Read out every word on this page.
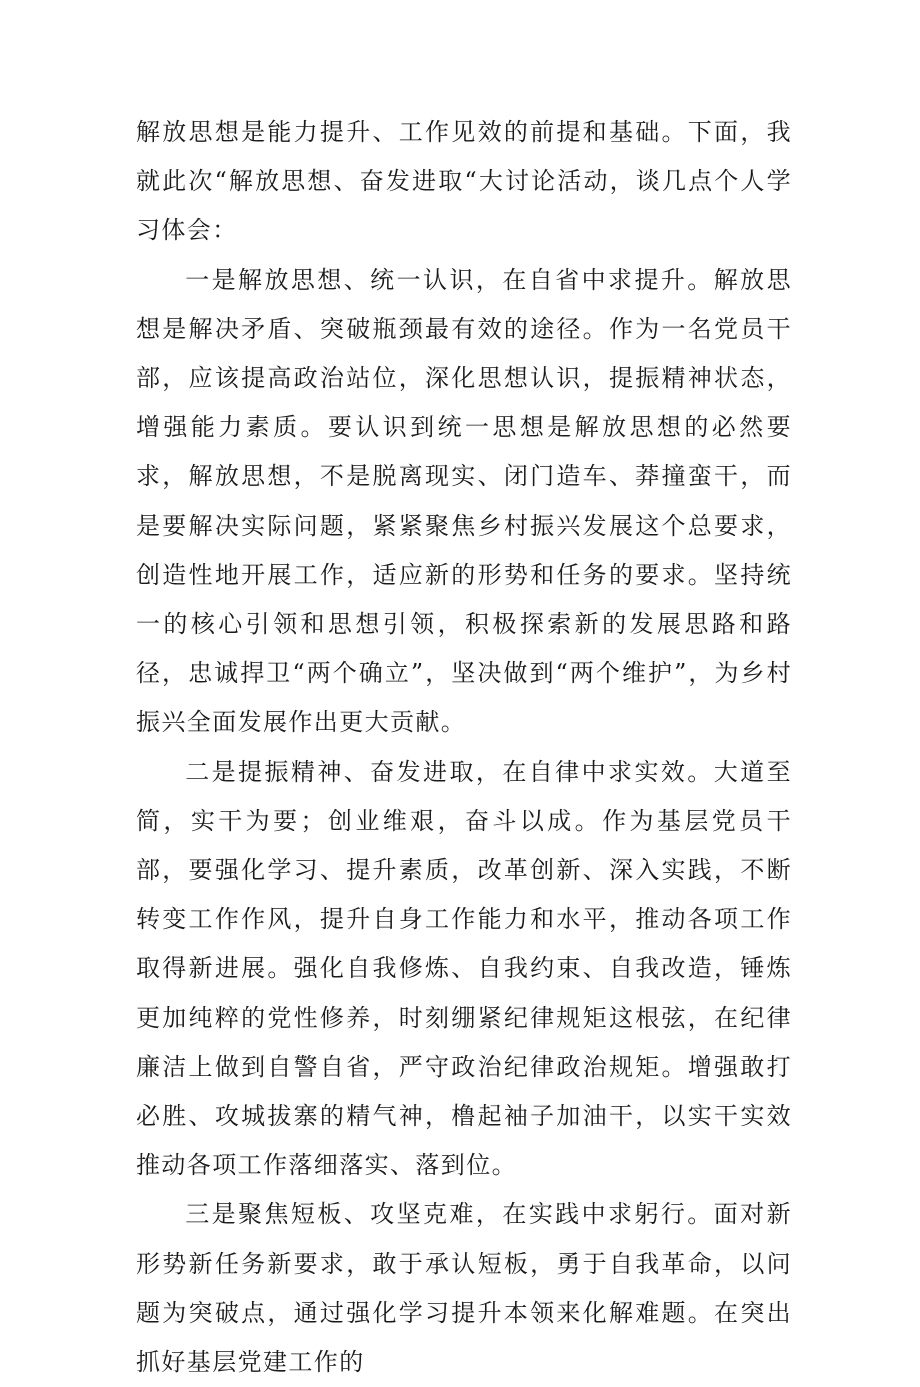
解放思想是能力提升、工作见效的前提和基础。下面，我就此次“解放思想、奋发进取“大讨论活动，谈几点个人学习体会：

一是解放思想、统一认识，在自省中求提升。解放思想是解决矛盾、突破瓶颈最有效的途径。作为一名党员干部，应该提高政治站位，深化思想认识，提振精神状态，增强能力素质。要认识到统一思想是解放思想的必然要求，解放思想，不是脱离现实、闭门造车、莽撞蛮干，而是要解决实际问题，紧紧聚焦乡村振兴发展这个总要求，创造性地开展工作，适应新的形势和任务的要求。坚持统一的核心引领和思想引领，积极探索新的发展思路和路径，忠诚捍卫“两个确立”，坚决做到“两个维护”，为乡村振兴全面发展作出更大贡献。

二是提振精神、奋发进取，在自律中求实效。大道至简，实干为要；创业维艰，奋斗以成。作为基层党员干部，要强化学习、提升素质，改革创新、深入实践，不断转变工作作风，提升自身工作能力和水平，推动各项工作取得新进展。强化自我修炼、自我约束、自我改造，锤炼更加纯粹的党性修养，时刻绷紧纪律规矩这根弦，在纪律廉洁上做到自警自省，严守政治纪律政治规矩。增强敢打必胜、攻城拔寨的精气神，橹起袖子加油干，以实干实效推动各项工作落细落实、落到位。

三是聚焦短板、攻坚克难，在实践中求躬行。面对新形势新任务新要求，敢于承认短板，勇于自我革命，以问题为突破点，通过强化学习提升本领来化解难题。在突出抓好基层党建工作的
